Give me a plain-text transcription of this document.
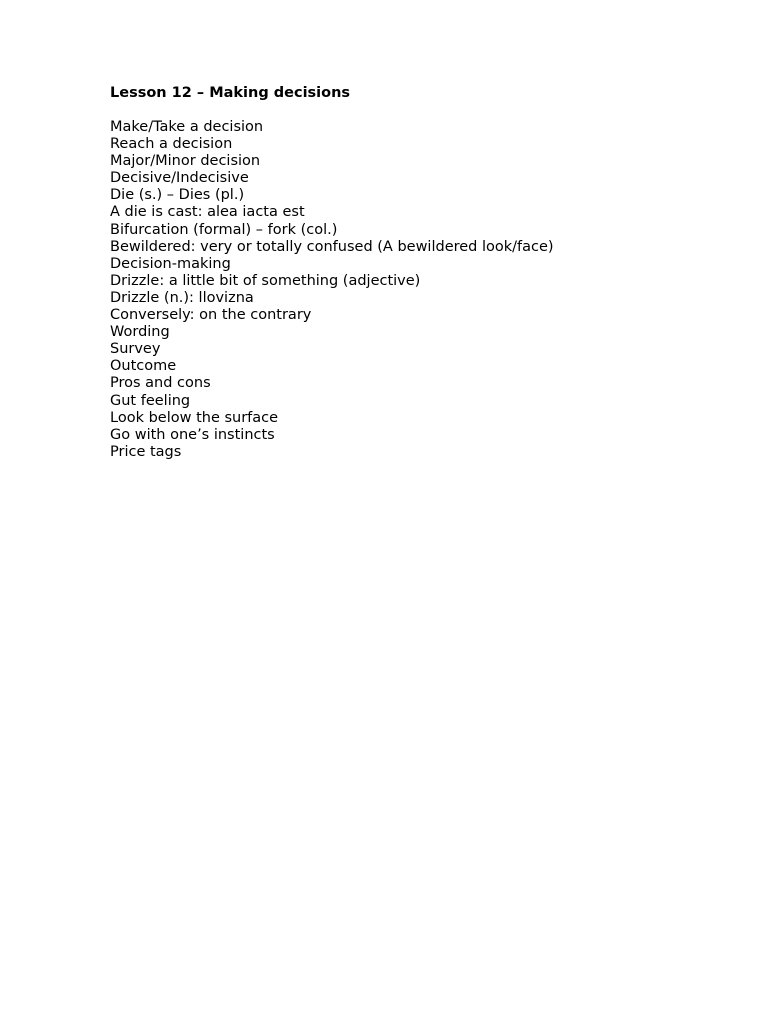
Lesson 12 – Making decisions
Make/Take a decision
Reach a decision
Major/Minor decision
Decisive/Indecisive
Die (s.) – Dies (pl.)
A die is cast: alea iacta est
Bifurcation (formal) – fork (col.)
Bewildered: very or totally confused (A bewildered look/face)
Decision-making
Drizzle: a little bit of something (adjective)
Drizzle (n.): llovizna
Conversely: on the contrary
Wording
Survey
Outcome
Pros and cons
Gut feeling
Look below the surface
Go with one’s instincts
Price tags
